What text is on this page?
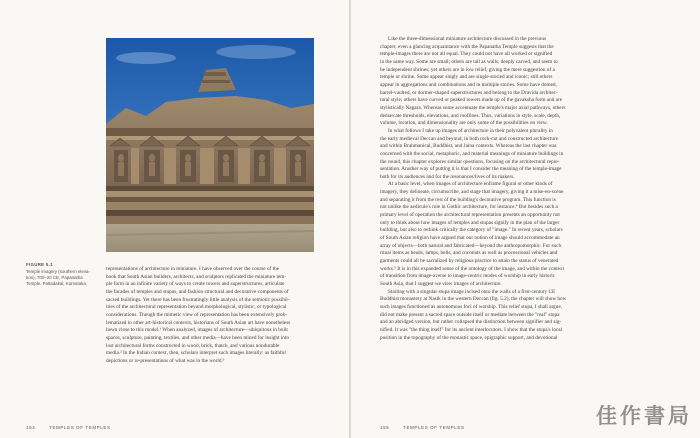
FIGURE 5.1
Temple imagery (southern eleva-
tion), 700–20 CE, Papanatha
Temple, Pattadakal, Karnataka.
representations of architecture in miniature. I have observed over the course of the
book that South Asian builders, architects, and sculptors replicated the miniature tem-
ple form in an infinite variety of ways to create towers and superstructures, articulate
the facades of temples and stupas, and fashion structural and decorative components of
sacred buildings. Yet there has been frustratingly little analysis of the semiotic possibil-
ities of the architectural representation beyond morphological, stylistic, or typological
considerations. Though the mimetic view of representation has been extensively prob-
lematized in other art-historical contexts, historians of South Asian art have nonetheless
hewn close to this model.¹ When analyzed, images of architecture—ubiquitous in built
spaces, sculpture, painting, textiles, and other media—have been mined for insight into
lost architectural forms constructed in wood, brick, thatch, and various nondurable
media.² In the Indian context, then, scholars interpret such images literally: as faithful
depictions or re-presentations of what was in the world.³
154	TEMPLES OF TEMPLES
Like the three-dimensional miniature architecture discussed in the previous
chapter, even a glancing acquaintance with the Papanatha Temple suggests that the
temple-images there are not all equal. They could not have all worked or signified
in the same way. Some are small; others are tall as walls, deeply carved, and seem to
be independent shrines; yet others are in low relief, giving the mere suggestion of a
temple or shrine. Some appear singly and are single-storied and iconic; still others
appear in aggregations and combinations and in multiple stories. Some have domed,
barrel-vaulted, or dormer-shaped superstructures and belong to the Dravida architec-
tural style; others have curved or peaked towers made up of the gavaksha form and are
stylistically Nagara. Whereas some accentuate the temple's major axial pathways, others
demarcate thresholds, elevations, and rooflines. Thus, variations in style, scale, depth,
volume, location, and dimensionality are only some of the possibilities on view.
In what follows I take up images of architecture in their polyvalent plurality in
the early medieval Deccan and beyond, in both rock-cut and constructed architecture
and within Brahmanical, Buddhist, and Jaina contexts. Whereas the last chapter was
concerned with the social, metaphoric, and material meanings of miniature buildings in
the round, this chapter explores similar questions, focusing on the architectural repre-
sentation. Another way of putting it is that I consider the meaning of the temple-image
both for its audiences and for the resonances/lives of its makers.
At a basic level, when images of architecture enframe figural or other kinds of
imagery, they delineate, circumscribe, and stage that imagery, giving it a mise-en-scène
and separating it from the rest of the building's decorative program. This function is
not unlike the aedicule's role in Gothic architecture, for instance.⁴ But besides such a
primary level of operation the architectural representation presents an opportunity not
only to think about how images of temples and stupas signify in the plan of the larger
building, but also to rethink critically the category of "image." In recent years, scholars
of South Asian religion have argued that our notion of image should accommodate an
array of objects—both natural and fabricated—beyond the anthropomorphic. For such
ritual items as beads, lamps, bells, and coconuts as well as processional vehicles and
garments could all be sacralized by religious practice to attain the status of venerated
works.⁵ It is in this expanded sense of the ontology of the image, and within the context
of transition from image-averse to image-centric modes of worship in early historic
South Asia, that I suggest we view images of architecture.
Starting with a singular stupa image incised onto the walls of a first-century CE
Buddhist monastery at Nasik in the western Deccan (fig. 5.2), the chapter will show how
such images functioned as autonomous foci of worship. This relief stupa, I shall argue,
did not make present a sacred space outside itself or mediate between the "real" stupa
and an abridged version, but rather collapsed the distinction between signifier and sig-
nified. It was "the thing itself" for its ancient interlocutors. I show that the stupa's local
position in the topography of the monastic space, epigraphic support, and devotional
155	TEMPLES OF TEMPLES	佳作書局
